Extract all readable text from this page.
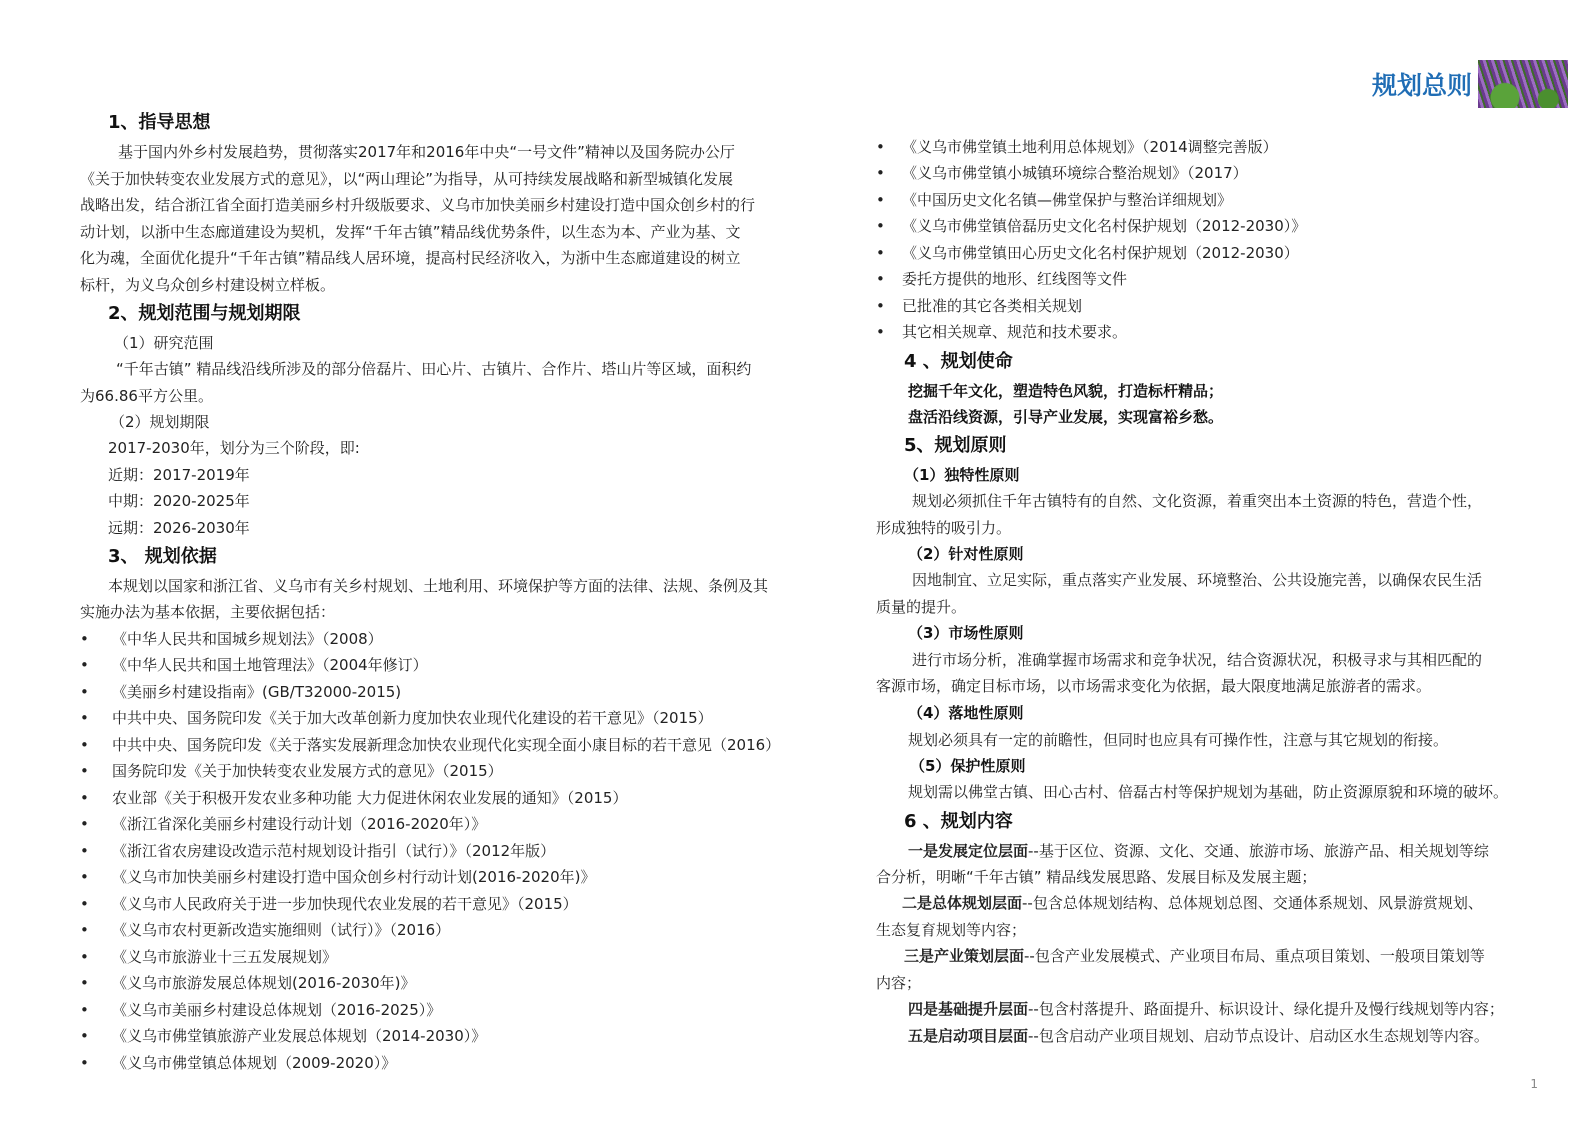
规划总则
1、指导思想
基于国内外乡村发展趋势，贯彻落实2017年和2016年中央“一号文件”精神以及国务院办公厅
《关于加快转变农业发展方式的意见》，以“两山理论”为指导，从可持续发展战略和新型城镇化发展
战略出发，结合浙江省全面打造美丽乡村升级版要求、义乌市加快美丽乡村建设打造中国众创乡村的行
动计划，以浙中生态廊道建设为契机，发挥“千年古镇”精品线优势条件，以生态为本、产业为基、文
化为魂，全面优化提升“千年古镇”精品线人居环境，提高村民经济收入，为浙中生态廊道建设的树立
标杆，为义乌众创乡村建设树立样板。
2、规划范围与规划期限
（1）研究范围
“千年古镇” 精品线沿线所涉及的部分倍磊片、田心片、古镇片、合作片、塔山片等区域，面积约
为66.86平方公里。
（2）规划期限
2017-2030年，划分为三个阶段，即:
近期：2017-2019年
中期：2020-2025年
远期：2026-2030年
3、 规划依据
本规划以国家和浙江省、义乌市有关乡村规划、土地利用、环境保护等方面的法律、法规、条例及其
实施办法为基本依据，主要依据包括：
• 《中华人民共和国城乡规划法》（2008）
• 《中华人民共和国土地管理法》（2004年修订）
• 《美丽乡村建设指南》(GB/T32000-2015)
• 中共中央、国务院印发《关于加大改革创新力度加快农业现代化建设的若干意见》（2015）
• 中共中央、国务院印发《关于落实发展新理念加快农业现代化实现全面小康目标的若干意见（2016）
• 国务院印发《关于加快转变农业发展方式的意见》（2015）
• 农业部《关于积极开发农业多种功能 大力促进休闲农业发展的通知》（2015）
• 《浙江省深化美丽乡村建设行动计划（2016-2020年）》
• 《浙江省农房建设改造示范村规划设计指引（试行）》（2012年版）
• 《义乌市加快美丽乡村建设打造中国众创乡村行动计划(2016-2020年)》
• 《义乌市人民政府关于进一步加快现代农业发展的若干意见》（2015）
• 《义乌市农村更新改造实施细则（试行）》（2016）
• 《义乌市旅游业十三五发展规划》
• 《义乌市旅游发展总体规划(2016-2030年)》
• 《义乌市美丽乡村建设总体规划（2016-2025）》
• 《义乌市佛堂镇旅游产业发展总体规划（2014-2030）》
• 《义乌市佛堂镇总体规划（2009-2020）》
• 《义乌市佛堂镇土地利用总体规划》（2014调整完善版）
• 《义乌市佛堂镇小城镇环境综合整治规划》（2017）
• 《中国历史文化名镇—佛堂保护与整治详细规划》
• 《义乌市佛堂镇倍磊历史文化名村保护规划（2012-2030）》
• 《义乌市佛堂镇田心历史文化名村保护规划（2012-2030）
• 委托方提供的地形、红线图等文件
• 已批准的其它各类相关规划
• 其它相关规章、规范和技术要求。
4 、规划使命
挖掘千年文化，塑造特色风貌，打造标杆精品；
盘活沿线资源，引导产业发展，实现富裕乡愁。
5、规划原则
（1）独特性原则
规划必须抓住千年古镇特有的自然、文化资源，着重突出本土资源的特色，营造个性，
形成独特的吸引力。
（2）针对性原则
因地制宜、立足实际，重点落实产业发展、环境整治、公共设施完善，以确保农民生活
质量的提升。
（3）市场性原则
进行市场分析，准确掌握市场需求和竞争状况，结合资源状况，积极寻求与其相匹配的
客源市场，确定目标市场，以市场需求变化为依据，最大限度地满足旅游者的需求。
（4）落地性原则
规划必须具有一定的前瞻性，但同时也应具有可操作性，注意与其它规划的衔接。
（5）保护性原则
规划需以佛堂古镇、田心古村、倍磊古村等保护规划为基础，防止资源原貌和环境的破坏。
6 、规划内容
一是发展定位层面--基于区位、资源、文化、交通、旅游市场、旅游产品、相关规划等综
合分析，明晰“千年古镇” 精品线发展思路、发展目标及发展主题；
二是总体规划层面--包含总体规划结构、总体规划总图、交通体系规划、风景游赏规划、
生态复育规划等内容；
三是产业策划层面--包含产业发展模式、产业项目布局、重点项目策划、一般项目策划等
内容；
四是基础提升层面--包含村落提升、路面提升、标识设计、绿化提升及慢行线规划等内容；
五是启动项目层面--包含启动产业项目规划、启动节点设计、启动区水生态规划等内容。
1
